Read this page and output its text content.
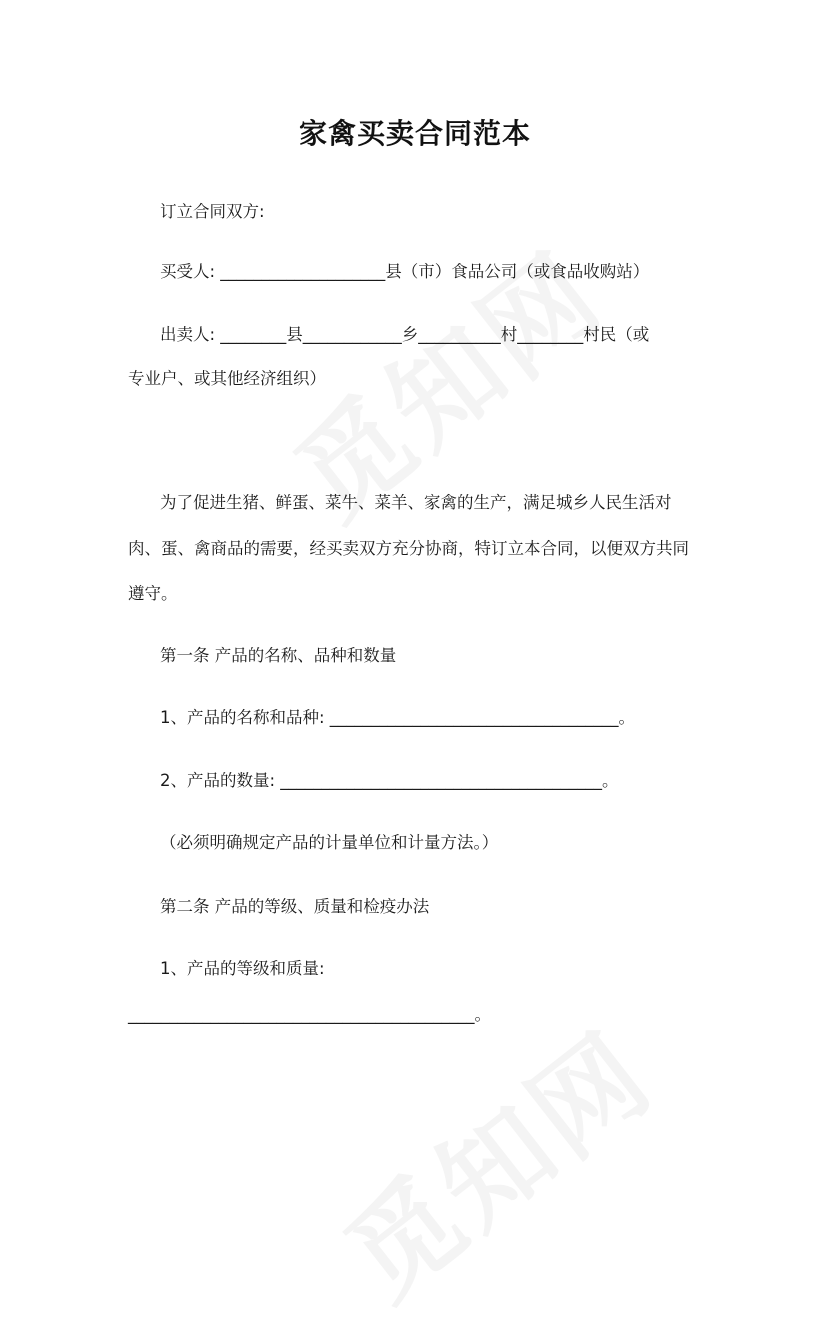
家禽买卖合同范本
订立合同双方:
买受人: ____________________县（市）食品公司（或食品收购站）
出卖人: ________县____________乡__________村________村民（或
专业户、或其他经济组织）
为了促进生猪、鲜蛋、菜牛、菜羊、家禽的生产，满足城乡人民生活对
肉、蛋、禽商品的需要，经买卖双方充分协商，特订立本合同，以便双方共同
遵守。
第一条 产品的名称、品种和数量
1、产品的名称和品种: ___________________________________。
2、产品的数量: _______________________________________。
（必须明确规定产品的计量单位和计量方法。）
第二条 产品的等级、质量和检疫办法
1、产品的等级和质量:
__________________________________________。
